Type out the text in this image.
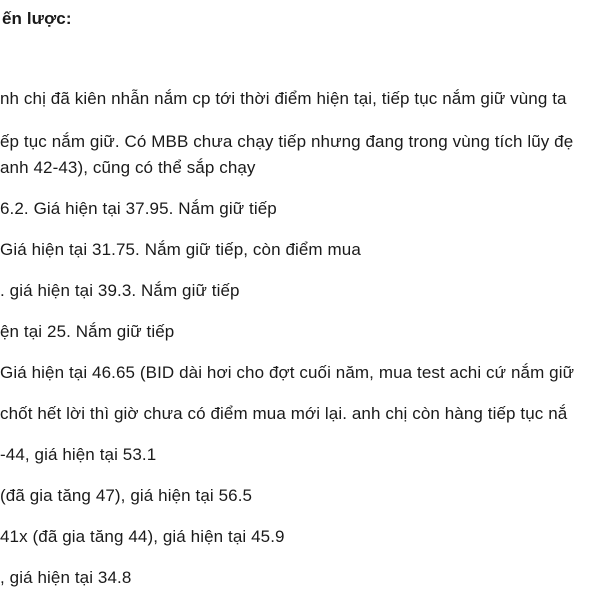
ến lược:
nh chị đã kiên nhẫn nắm cp tới thời điểm hiện tại, tiếp tục nắm giữ vùng ta
ếp tục nắm giữ. Có MBB chưa chạy tiếp nhưng đang trong vùng tích lũy đẹ
anh 42-43), cũng có thể sắp chạy
6.2. Giá hiện tại 37.95. Nắm giữ tiếp
Giá hiện tại 31.75. Nắm giữ tiếp, còn điểm mua
. giá hiện tại 39.3. Nắm giữ tiếp
ện tại 25. Nắm giữ tiếp
Giá hiện tại 46.65 (BID dài hơi cho đợt cuối năm, mua test achi cứ nắm giữ
chốt hết lời thì giờ chưa có điểm mua mới lại. anh chị còn hàng tiếp tục nắ
-44, giá hiện tại 53.1
(đã gia tăng 47), giá hiện tại 56.5
41x (đã gia tăng 44), giá hiện tại 45.9
, giá hiện tại 34.8
